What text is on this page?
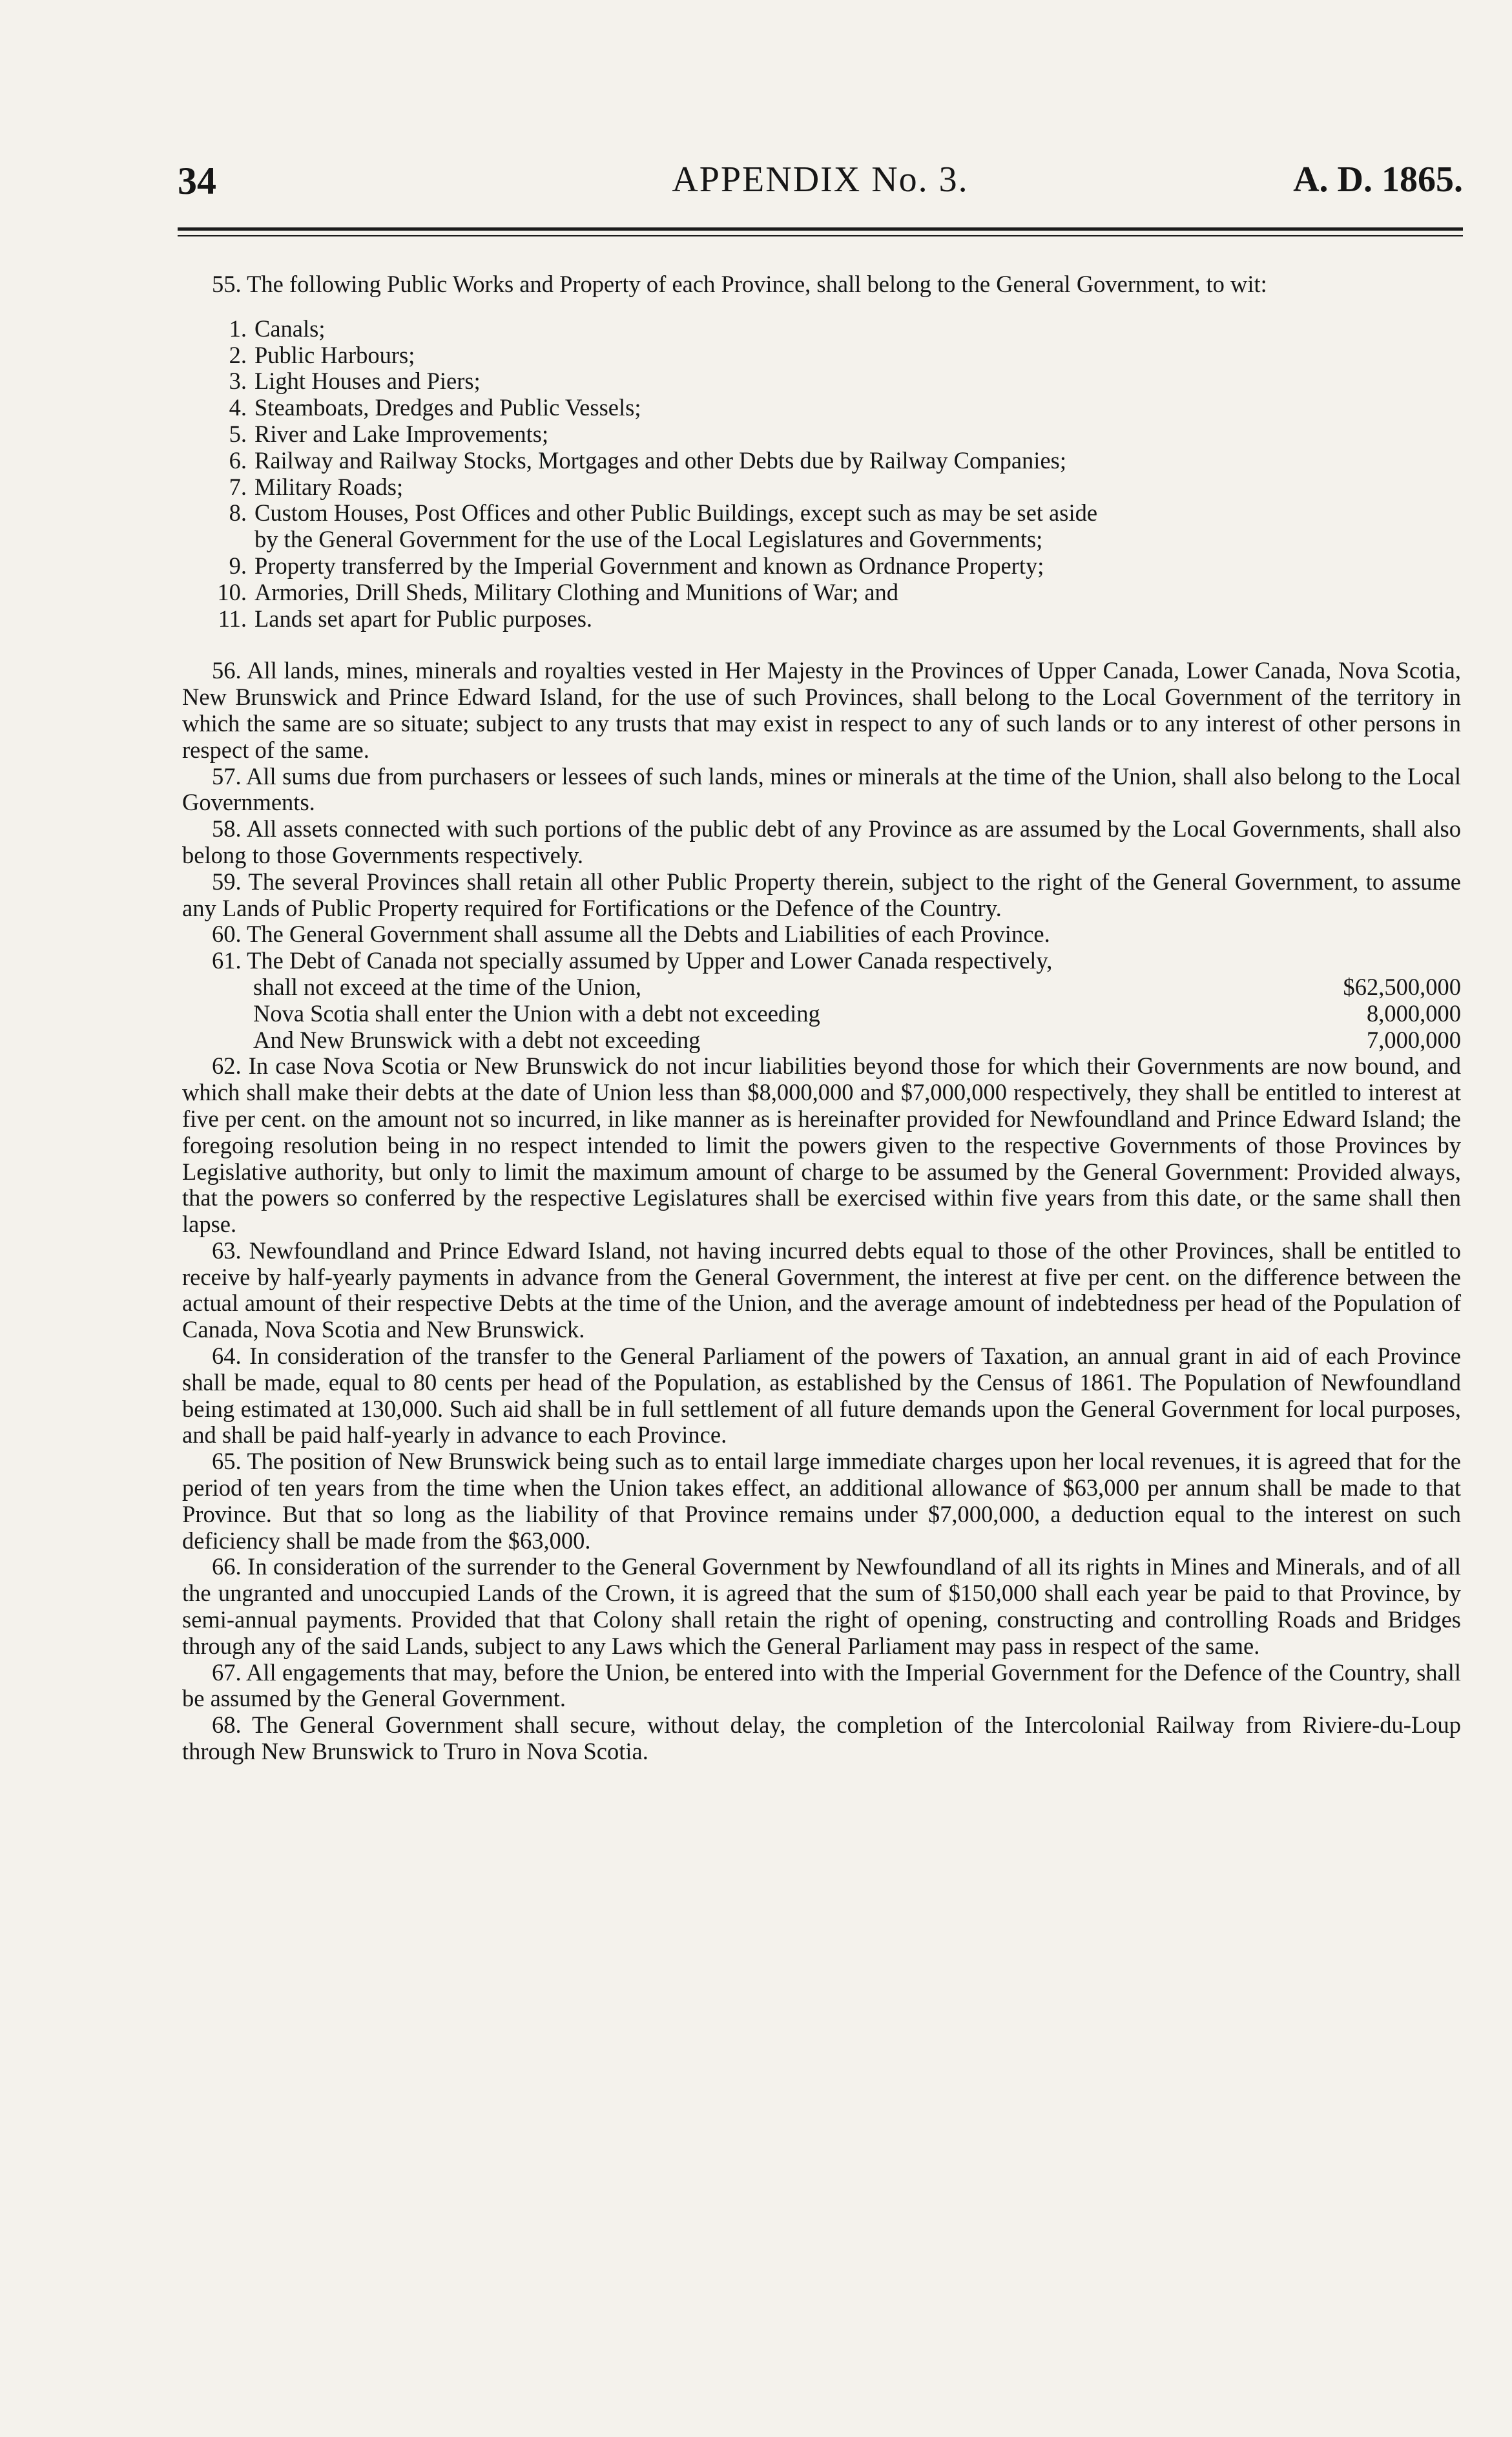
34	APPENDIX No. 3.	A. D. 1865.

55. The following Public Works and Property of each Province, shall belong to the General Government, to wit:

1. Canals;
2. Public Harbours;
3. Light Houses and Piers;
4. Steamboats, Dredges and Public Vessels;
5. River and Lake Improvements;
6. Railway and Railway Stocks, Mortgages and other Debts due by Railway Companies;
7. Military Roads;
8. Custom Houses, Post Offices and other Public Buildings, except such as may be set aside
by the General Government for the use of the Local Legislatures and Governments;
9. Property transferred by the Imperial Government and known as Ordnance Property;
10. Armories, Drill Sheds, Military Clothing and Munitions of War; and
11. Lands set apart for Public purposes.

56. All lands, mines, minerals and royalties vested in Her Majesty in the Provinces of Upper Canada, Lower Canada, Nova Scotia, New Brunswick and Prince Edward Island, for the use of such Provinces, shall belong to the Local Government of the territory in which the same are so situate; subject to any trusts that may exist in respect to any of such lands or to any interest of other persons in respect of the same.

57. All sums due from purchasers or lessees of such lands, mines or minerals at the time of the Union, shall also belong to the Local Governments.

58. All assets connected with such portions of the public debt of any Province as are assumed by the Local Governments, shall also belong to those Governments respectively.

59. The several Provinces shall retain all other Public Property therein, subject to the right of the General Government, to assume any Lands of Public Property required for Fortifications or the Defence of the Country.

60. The General Government shall assume all the Debts and Liabilities of each Province.

61. The Debt of Canada not specially assumed by Upper and Lower Canada respectively,

shall not exceed at the time of the Union,	$62,500,000
Nova Scotia shall enter the Union with a debt not exceeding	8,000,000
And New Brunswick with a debt not exceeding	7,000,000

62. In case Nova Scotia or New Brunswick do not incur liabilities beyond those for which their Governments are now bound, and which shall make their debts at the date of Union less than $8,000,000 and $7,000,000 respectively, they shall be entitled to interest at five per cent. on the amount not so incurred, in like manner as is hereinafter provided for Newfoundland and Prince Edward Island; the foregoing resolution being in no respect intended to limit the powers given to the respective Governments of those Provinces by Legislative authority, but only to limit the maximum amount of charge to be assumed by the General Government: Provided always, that the powers so conferred by the respective Legislatures shall be exercised within five years from this date, or the same shall then lapse.

63. Newfoundland and Prince Edward Island, not having incurred debts equal to those of the other Provinces, shall be entitled to receive by half-yearly payments in advance from the General Government, the interest at five per cent. on the difference between the actual amount of their respective Debts at the time of the Union, and the average amount of indebtedness per head of the Population of Canada, Nova Scotia and New Brunswick.

64. In consideration of the transfer to the General Parliament of the powers of Taxation, an annual grant in aid of each Province shall be made, equal to 80 cents per head of the Population, as established by the Census of 1861. The Population of Newfoundland being estimated at 130,000. Such aid shall be in full settlement of all future demands upon the General Government for local purposes, and shall be paid half-yearly in advance to each Province.

65. The position of New Brunswick being such as to entail large immediate charges upon her local revenues, it is agreed that for the period of ten years from the time when the Union takes effect, an additional allowance of $63,000 per annum shall be made to that Province. But that so long as the liability of that Province remains under $7,000,000, a deduction equal to the interest on such deficiency shall be made from the $63,000.

66. In consideration of the surrender to the General Government by Newfoundland of all its rights in Mines and Minerals, and of all the ungranted and unoccupied Lands of the Crown, it is agreed that the sum of $150,000 shall each year be paid to that Province, by semi-annual payments. Provided that that Colony shall retain the right of opening, constructing and controlling Roads and Bridges through any of the said Lands, subject to any Laws which the General Parliament may pass in respect of the same.

67. All engagements that may, before the Union, be entered into with the Imperial Government for the Defence of the Country, shall be assumed by the General Government.

68. The General Government shall secure, without delay, the completion of the Intercolonial Railway from Riviere-du-Loup through New Brunswick to Truro in Nova Scotia.
